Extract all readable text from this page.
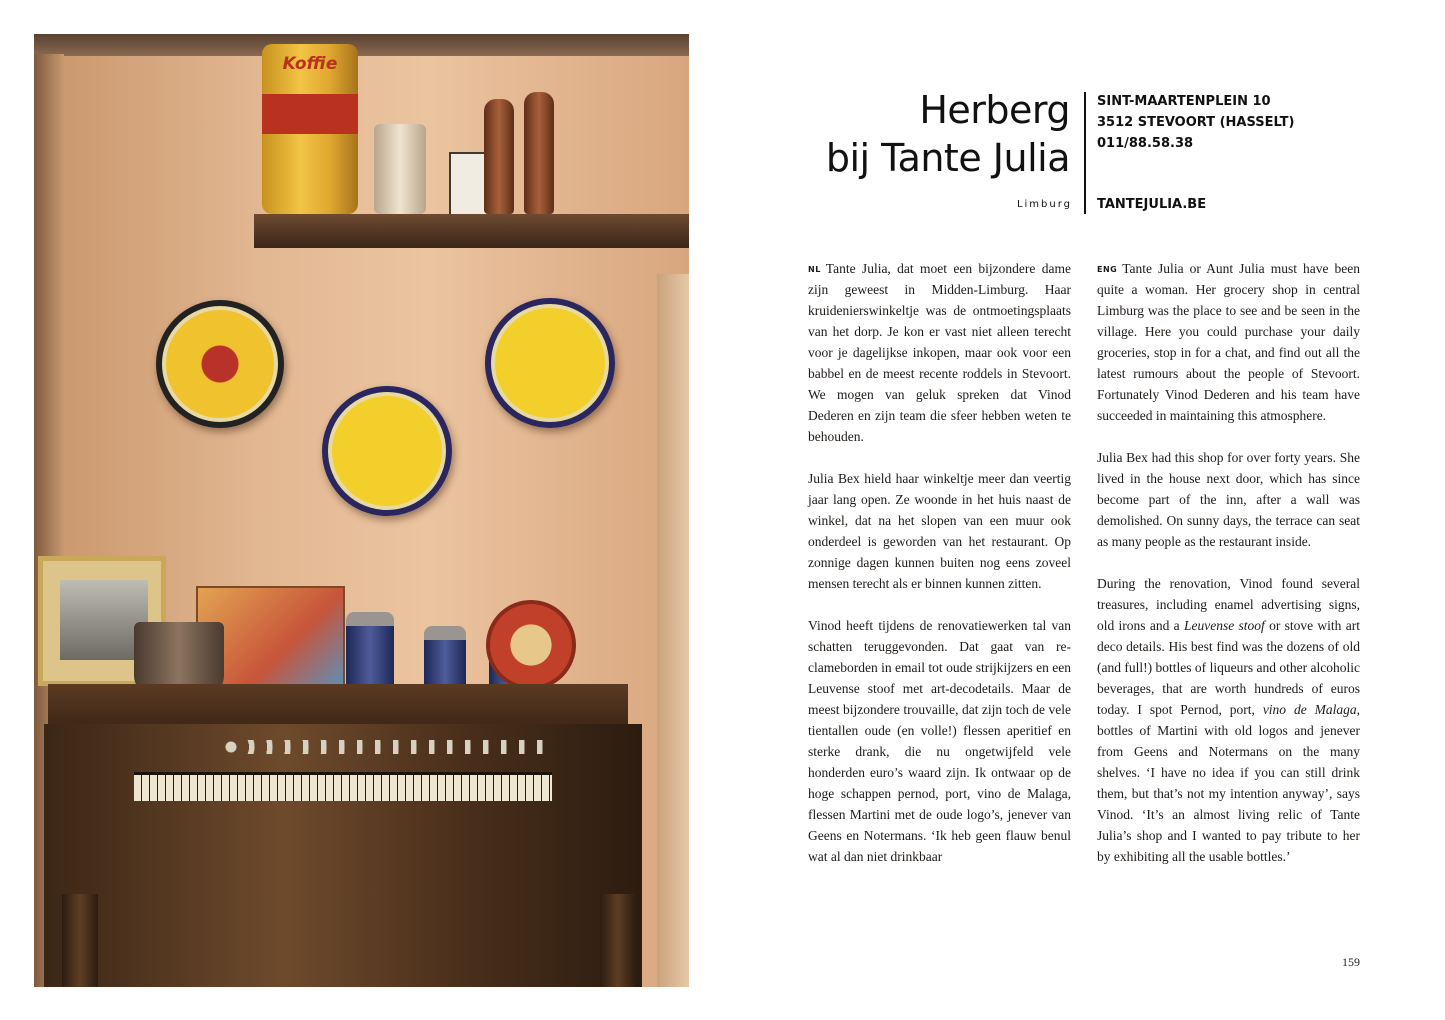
Koffie
Herberg
bij Tante Julia
Limburg
SINT-MAARTENPLEIN 10
3512 STEVOORT (HASSELT)
011/88.58.38
TANTEJULIA.BE

NL Tante Julia, dat moet een bijzondere dame zijn geweest in Midden-Limburg. Haar kruidenierswinkeltje was de ontmoetingsplaats van het dorp. Je kon er vast niet alleen terecht voor je dagelijkse inkopen, maar ook voor een babbel en de meest recente roddels in Stevoort. We mogen van geluk spreken dat Vinod Dederen en zijn team die sfeer hebben weten te behouden.

Julia Bex hield haar winkeltje meer dan veertig jaar lang open. Ze woonde in het huis naast de winkel, dat na het slopen van een muur ook onderdeel is geworden van het restaurant. Op zonnige dagen kunnen buiten nog eens zoveel mensen terecht als er binnen kunnen zitten.

Vinod heeft tijdens de renovatiewerken tal van schatten teruggevonden. Dat gaat van reclameborden in email tot oude strijkijzers en een Leuvense stoof met art-decodetails. Maar de meest bijzondere trouvaille, dat zijn toch de vele tientallen oude (en volle!) flessen aperitief en sterke drank, die nu ongetwijfeld vele honderden euro’s waard zijn. Ik ontwaar op de hoge schappen pernod, port, vino de Malaga, flessen Martini met de oude logo’s, jenever van Geens en Notermans. ‘Ik heb geen flauw benul wat al dan niet drinkbaar

ENG Tante Julia or Aunt Julia must have been quite a woman. Her grocery shop in central Limburg was the place to see and be seen in the village. Here you could purchase your daily groceries, stop in for a chat, and find out all the latest rumours about the people of Stevoort. Fortunately Vinod Dederen and his team have succeeded in maintaining this atmosphere.

Julia Bex had this shop for over forty years. She lived in the house next door, which has since become part of the inn, after a wall was demolished. On sunny days, the terrace can seat as many people as the restaurant inside.

During the renovation, Vinod found several treasures, including enamel advertising signs, old irons and a Leuvense stoof or stove with art deco details. His best find was the dozens of old (and full!) bottles of liqueurs and other alcoholic beverages, that are worth hundreds of euros today. I spot Pernod, port, vino de Malaga, bottles of Martini with old logos and jenever from Geens and Notermans on the many shelves. ‘I have no idea if you can still drink them, but that’s not my intention anyway’, says Vinod. ‘It’s an almost living relic of Tante Julia’s shop and I wanted to pay tribute to her by exhibiting all the usable bottles.’

159
